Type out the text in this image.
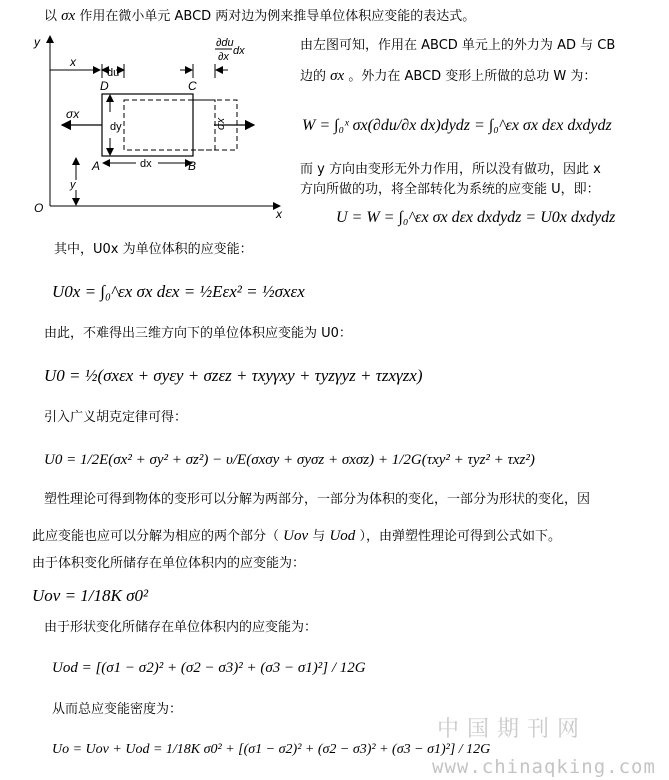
以 σx 作用在微小单元 ABCD 两对边为例来推导单位体积应变能的表达式。
y
x
O
x
du
∂du
∂x dx
D	C
A	B
dy
dx
y
σx
σx
由左图可知，作用在 ABCD 单元上的外力为 AD 与 CB
边的 σx 。外力在 ABCD 变形上所做的总功 W 为：
W = ∫₀ˣ σx(∂du/∂x dx)dydz = ∫₀^εx σx dεx dxdydz
而 y 方向由变形无外力作用，所以没有做功，因此 x
方向所做的功，将全部转化为系统的应变能 U，即：
U = W = ∫₀^εx σx dεx dxdydz = U0x dxdydz
其中，U0x 为单位体积的应变能：
U0x = ∫₀^εx σx dεx = ½Eεx² = ½σxεx
由此，不难得出三维方向下的单位体积应变能为 U0：
U0 = ½(σxεx + σyεy + σzεz + τxyγxy + τyzγyz + τzxγzx)
引入广义胡克定律可得：
U0 = 1/2E(σx² + σy² + σz²) − υ/E(σxσy + σyσz + σxσz) + 1/2G(τxy² + τyz² + τxz²)
塑性理论可得到物体的变形可以分解为两部分，一部分为体积的变化，一部分为形状的变化，因
此应变能也应可以分解为相应的两个部分（ Uov 与 Uod ），由弹塑性理论可得到公式如下。
由于体积变化所储存在单位体积内的应变能为：
Uov = 1/18K σ0²
由于形状变化所储存在单位体积内的应变能为：
Uod = [(σ1 − σ2)² + (σ2 − σ3)² + (σ3 − σ1)²] / 12G
从而总应变能密度为：
Uo = Uov + Uod = 1/18K σ0² + [(σ1 − σ2)² + (σ2 − σ3)² + (σ3 − σ1)²] / 12G
中国期刊网
www.chinaqking.com
